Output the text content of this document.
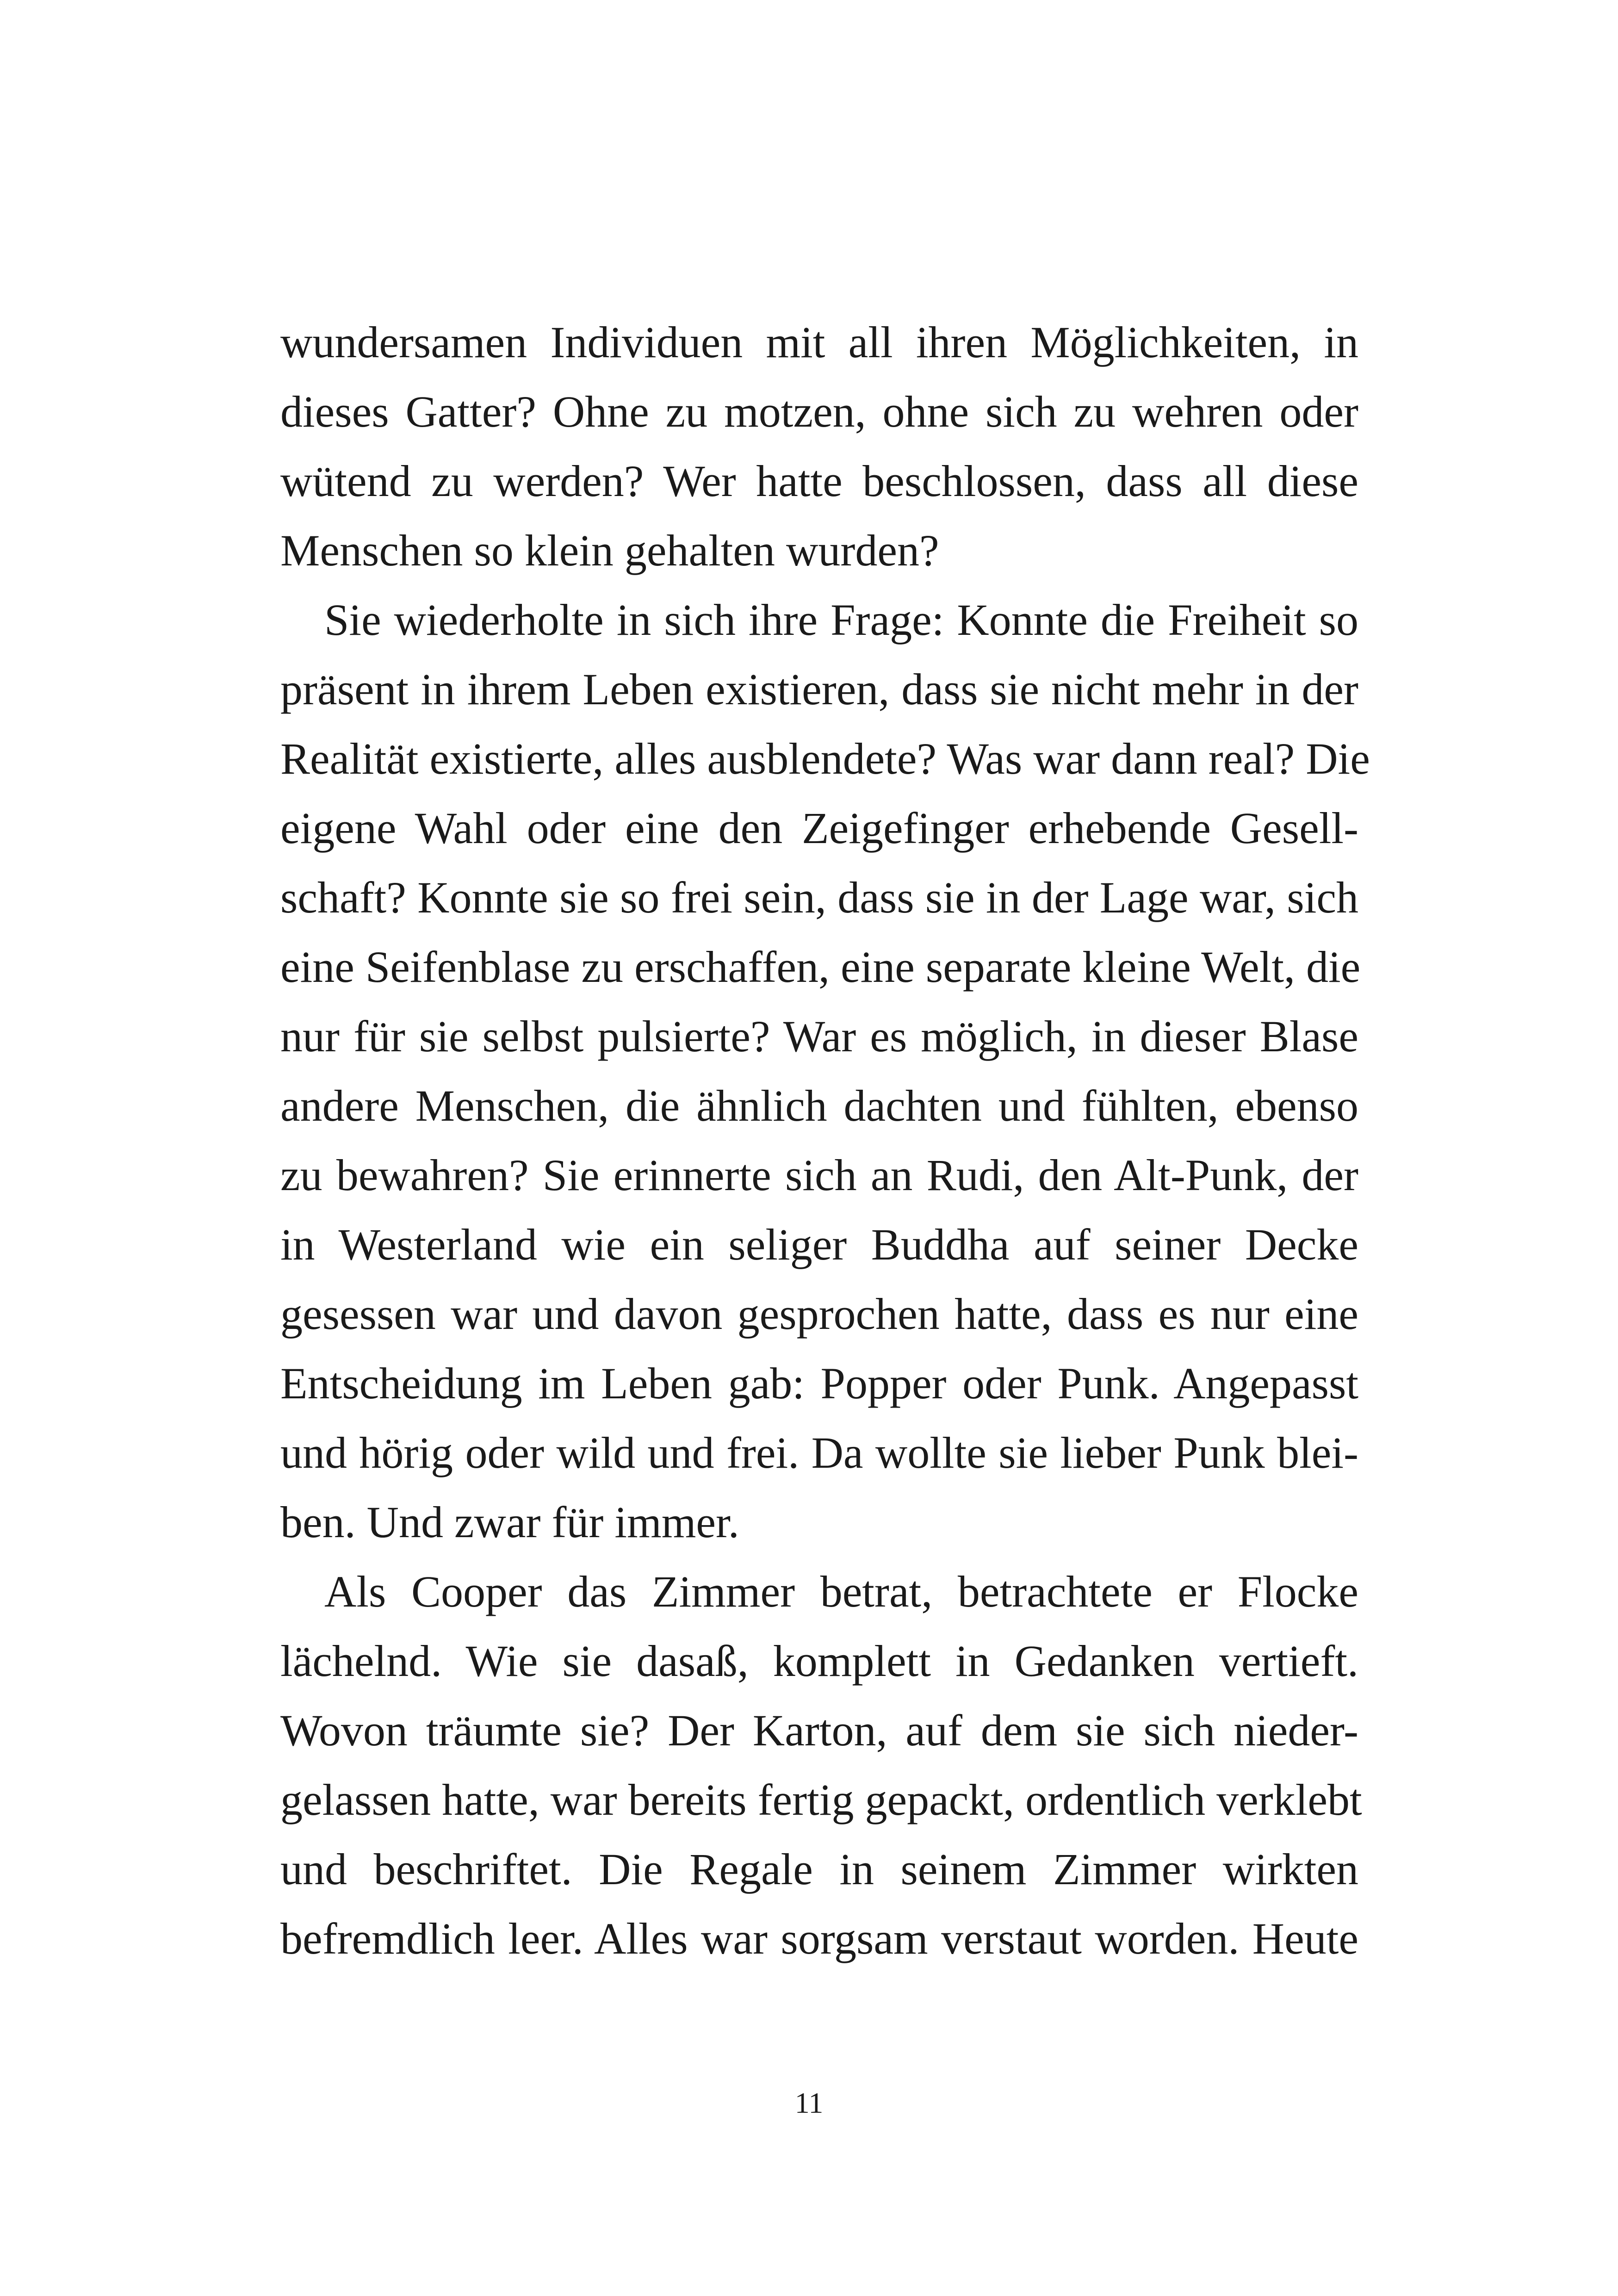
wundersamen Individuen mit all ihren Möglichkeiten, in
dieses Gatter? Ohne zu motzen, ohne sich zu wehren oder
wütend zu werden? Wer hatte beschlossen, dass all diese
Menschen so klein gehalten wurden?
Sie wiederholte in sich ihre Frage: Konnte die Freiheit so
präsent in ihrem Leben existieren, dass sie nicht mehr in der
Realität existierte, alles ausblendete? Was war dann real? Die
eigene Wahl oder eine den Zeigefinger erhebende Gesell-
schaft? Konnte sie so frei sein, dass sie in der Lage war, sich
eine Seifenblase zu erschaffen, eine separate kleine Welt, die
nur für sie selbst pulsierte? War es möglich, in dieser Blase
andere Menschen, die ähnlich dachten und fühlten, ebenso
zu bewahren? Sie erinnerte sich an Rudi, den Alt-Punk, der
in Westerland wie ein seliger Buddha auf seiner Decke
gesessen war und davon gesprochen hatte, dass es nur eine
Entscheidung im Leben gab: Popper oder Punk. Angepasst
und hörig oder wild und frei. Da wollte sie lieber Punk blei-
ben. Und zwar für immer.
Als Cooper das Zimmer betrat, betrachtete er Flocke
lächelnd. Wie sie dasaß, komplett in Gedanken vertieft.
Wovon träumte sie? Der Karton, auf dem sie sich nieder-
gelassen hatte, war bereits fertig gepackt, ordentlich verklebt
und beschriftet. Die Regale in seinem Zimmer wirkten
befremdlich leer. Alles war sorgsam verstaut worden. Heute
11
